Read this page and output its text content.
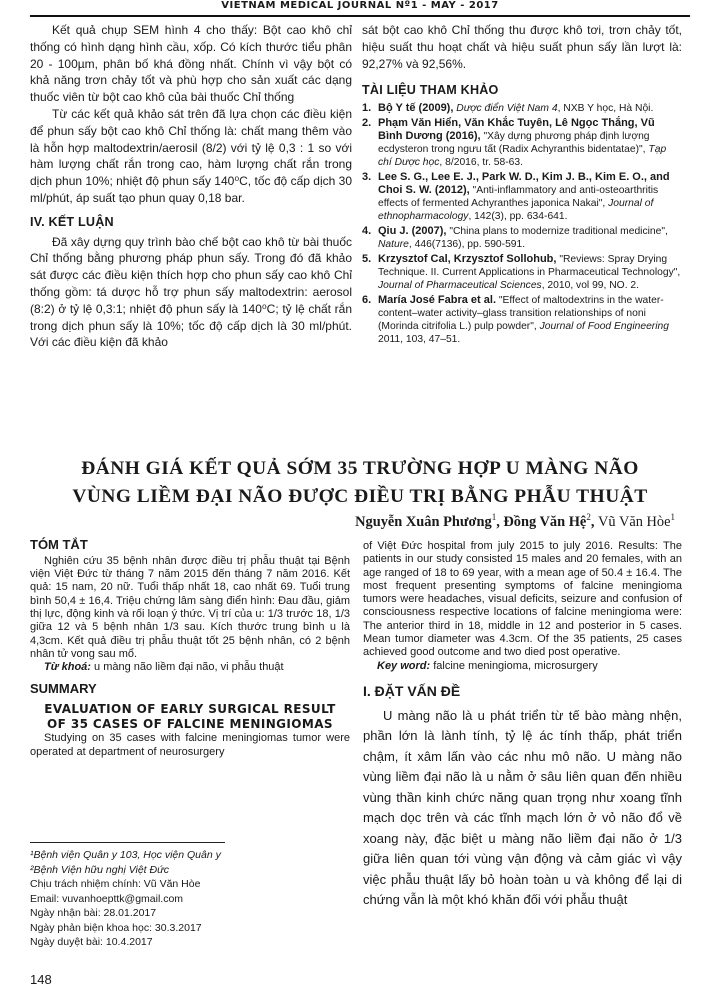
VIETNAM MEDICAL JOURNAL Nº1 - MAY - 2017

Kết quả chụp SEM hình 4 cho thấy: Bột cao khô chỉ thống có hình dạng hình cầu, xốp. Có kích thước tiểu phân 20 - 100µm, phân bố khá đồng nhất. Chính vì vậy bột có khả năng trơn chảy tốt và phù hợp cho sản xuất các dạng thuốc viên từ bột cao khô của bài thuốc Chỉ thống

Từ các kết quả khảo sát trên đã lựa chọn các điều kiện để phun sấy bột cao khô Chỉ thống là: chất mang thêm vào là hỗn hợp maltodextrin/aerosil (8/2) với tỷ lệ 0,3 : 1 so với hàm lượng chất rắn trong cao, hàm lượng chất rắn trong dịch phun 10%; nhiệt độ phun sấy 140⁰C, tốc độ cấp dịch 30 ml/phút, áp suất tạo phun quay 0,18 bar.

IV. KẾT LUẬN

Đã xây dựng quy trình bào chế bột cao khô từ bài thuốc Chỉ thống bằng phương pháp phun sấy. Trong đó đã khảo sát được các điều kiện thích hợp cho phun sấy cao khô Chỉ thống gồm: tá dược hỗ trợ phun sấy maltodextrin: aerosol (8:2) ở tỷ lệ 0,3:1; nhiệt độ phun sấy là 140⁰C; tỷ lệ chất rắn trong dịch phun sấy là 10%; tốc độ cấp dịch là 30 ml/phút. Với các điều kiện đã khảo

sát bột cao khô Chỉ thống thu được khô tơi, trơn chảy tốt, hiệu suất thu hoạt chất và hiệu suất phun sấy lần lượt là: 92,27% và 92,56%.

TÀI LIỆU THAM KHẢO
1. Bộ Y tế (2009), Dược điển Việt Nam 4, NXB Y học, Hà Nội.
2. Phạm Văn Hiển, Văn Khắc Tuyên, Lê Ngọc Thắng, Vũ Bình Dương (2016), "Xây dựng phương pháp định lượng ecdysteron trong ngưu tất (Radix Achyranthis bidentatae)", Tạp chí Dược học, 8/2016, tr. 58-63.
3. Lee S. G., Lee E. J., Park W. D., Kim J. B., Kim E. O., and Choi S. W. (2012), "Anti-inflammatory and anti-osteoarthritis effects of fermented Achyranthes japonica Nakai", Journal of ethnopharmacology, 142(3), pp. 634-641.
4. Qiu J. (2007), "China plans to modernize traditional medicine", Nature, 446(7136), pp. 590-591.
5. Krzysztof Cal, Krzysztof Sollohub, "Reviews: Spray Drying Technique. II. Current Applications in Pharmaceutical Technology", Journal of Pharmaceutical Sciences, 2010, vol 99, NO. 2.
6. María José Fabra et al. "Effect of maltodextrins in the water-content–water activity–glass transition relationships of noni (Morinda citrifolia L.) pulp powder", Journal of Food Engineering 2011, 103, 47–51.
ĐÁNH GIÁ KẾT QUẢ SỚM 35 TRƯỜNG HỢP U MÀNG NÃO
VÙNG LIỀM ĐẠI NÃO ĐƯỢC ĐIỀU TRỊ BẰNG PHẪU THUẬT
Nguyễn Xuân Phương$^1$, Đồng Văn Hệ$^2$, Vũ Văn Hòe$^1$
TÓM TẮT
Nghiên cứu 35 bệnh nhân được điều trị phẫu thuật tại Bệnh viện Việt Đức từ tháng 7 năm 2015 đến tháng 7 năm 2016. Kết quả: 15 nam, 20 nữ. Tuổi thấp nhất 18, cao nhất 69. Tuổi trung bình 50,4 ± 16,4. Triệu chứng lâm sàng điển hình: Đau đầu, giảm thị lực, động kinh và rối loạn ý thức. Vị trí của u: 1/3 trước 18, 1/3 giữa 12 và 5 bệnh nhân 1/3 sau. Kích thước trung bình u là 4,3cm. Kết quả điều trị phẫu thuật tốt 25 bệnh nhân, có 2 bệnh nhân tử vong sau mổ.
Từ khoá: u màng não liềm đại não, vi phẫu thuật
SUMMARY
EVALUATION OF EARLY SURGICAL RESULT
OF 35 CASES OF FALCINE MENINGIOMAS
Studying on 35 cases with falcine meningiomas tumor were operated at department of neurosurgery
of Việt Đức hospital from july 2015 to july 2016. Results: The patients in our study consisted 15 males and 20 females, with an age ranged of 18 to 69 year, with a mean age of 50.4 ± 16.4. The most frequent presenting symptoms of falcine meningioma tumors were headaches, visual deficits, seizure and confusion of consciousness respective locations of falcine meningioma were: The anterior third in 18, middle in 12 and posterior in 5 cases. Mean tumor diameter was 4.3cm. Of the 35 patients, 25 cases achieved good outcome and two died post operative.
Key word: falcine meningioma, microsurgery
I. ĐẶT VẤN ĐỀ
U màng não là u phát triển từ tế bào màng nhện, phần lớn là lành tính, tỷ lệ ác tính thấp, phát triển chậm, ít xâm lấn vào các nhu mô não. U màng não vùng liềm đại não là u nằm ở sâu liên quan đến nhiều vùng thần kinh chức năng quan trọng như xoang tĩnh mạch dọc trên và các tĩnh mạch lớn ở vỏ não đổ về xoang này, đặc biệt u màng não liềm đại não ở 1/3 giữa liên quan tới vùng vận động và cảm giác vì vậy việc phẫu thuật lấy bỏ hoàn toàn u và không để lại di chứng vẫn là một khó khăn đối với phẫu thuật
¹Bệnh viện Quân y 103, Học viện Quân y
²Bệnh Viện hữu nghị Việt Đức
Chịu trách nhiệm chính: Vũ Văn Hòe
Email: vuvanhoepttk@gmail.com
Ngày nhận bài: 28.01.2017
Ngày phản biện khoa học: 30.3.2017
Ngày duyệt bài: 10.4.2017
148
